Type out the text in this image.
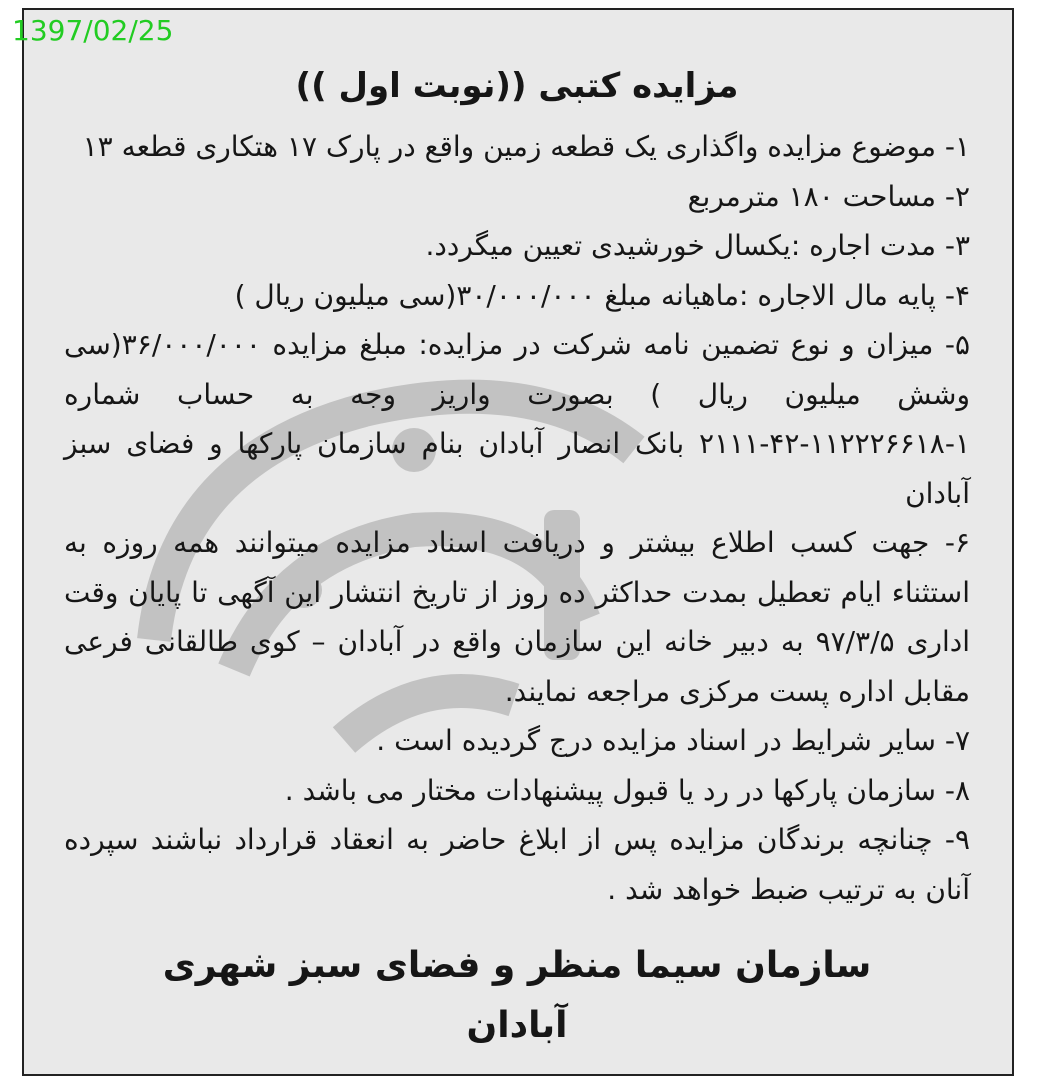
1397/02/25
مزایده کتبی ((نوبت اول ))

۱- موضوع مزایده واگذاری یک قطعه زمین واقع در پارک ۱۷ هتکاری قطعه ۱۳

۲- مساحت ۱۸۰ مترمربع

۳- مدت اجاره :یکسال خورشیدی تعیین میگردد.

۴- پایه مال الاجاره :ماهیانه مبلغ ۳۰/۰۰۰/۰۰۰(سی میلیون ریال )

۵- میزان و نوع تضمین نامه شرکت در مزایده: مبلغ مزایده ۳۶/۰۰۰/۰۰۰(سی وشش میلیون ریال ) بصورت واریز وجه به حساب شماره ۱-۱۱۲۲۲۶۶۱۸-۴۲-۲۱۱۱ بانک انصار آبادان بنام سازمان پارکها و فضای سبز آبادان

۶- جهت کسب اطلاع بیشتر و دریافت اسناد مزایده میتوانند همه روزه به استثناء ایام تعطیل بمدت حداکثر ده روز از تاریخ انتشار این آگهی تا پایان وقت اداری ۹۷/۳/۵ به دبیر خانه این سازمان واقع در آبادان – کوی طالقانی فرعی مقابل اداره پست مرکزی مراجعه نمایند.

۷- سایر شرایط در اسناد مزایده درج گردیده است .

۸- سازمان پارکها در رد یا قبول پیشنهادات مختار می باشد .

۹- چنانچه برندگان مزایده پس از ابلاغ حاضر به انعقاد قرارداد نباشند سپرده آنان به ترتیب ضبط خواهد شد .

سازمان سیما منظر و فضای سبز شهری
آبادان
